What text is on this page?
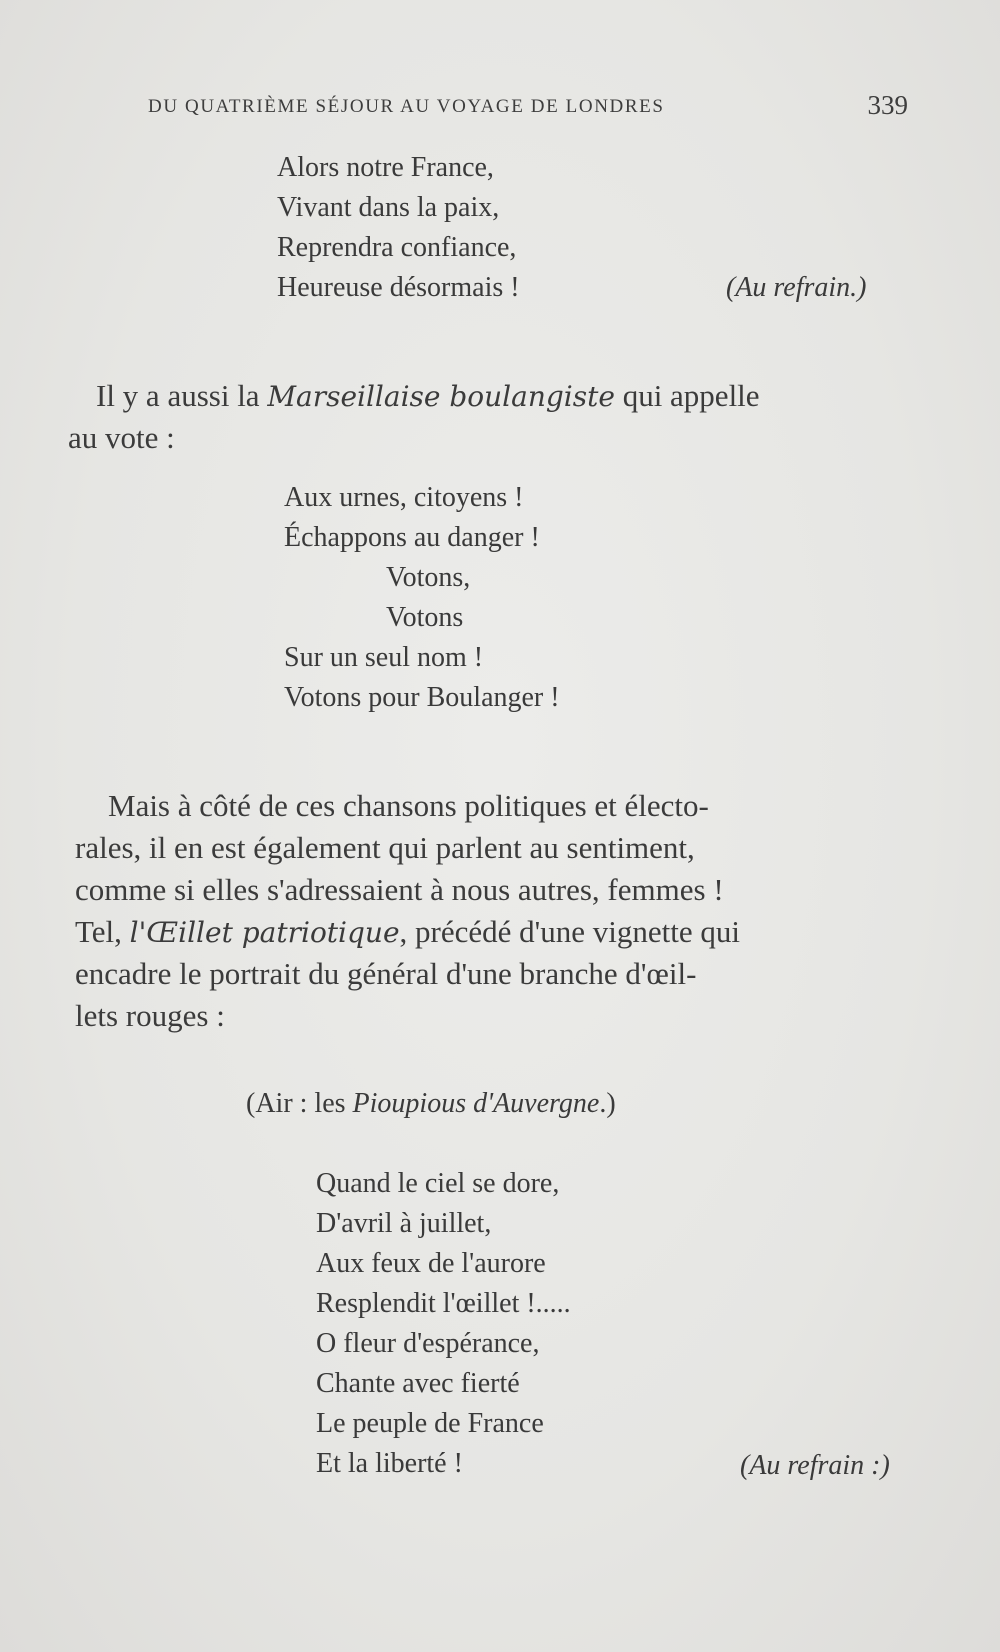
DU QUATRIÈME SÉJOUR AU VOYAGE DE LONDRES	339
Alors notre France,
Vivant dans la paix,
Reprendra confiance,
Heureuse désormais !	(Au refrain.)
Il y a aussi la Marseillaise boulangiste qui appelle
au vote :
Aux urnes, citoyens !
Échappons au danger !
Votons,
Votons
Sur un seul nom !
Votons pour Boulanger !
Mais à côté de ces chansons politiques et électo-
rales, il en est également qui parlent au sentiment,
comme si elles s'adressaient à nous autres, femmes !
Tel, l'Œillet patriotique, précédé d'une vignette qui
encadre le portrait du général d'une branche d'œil-
lets rouges :
(Air : les Pioupious d'Auvergne.)
Quand le ciel se dore,
D'avril à juillet,
Aux feux de l'aurore
Resplendit l'œillet !.....
O fleur d'espérance,
Chante avec fierté
Le peuple de France
Et la liberté !	(Au refrain :)
